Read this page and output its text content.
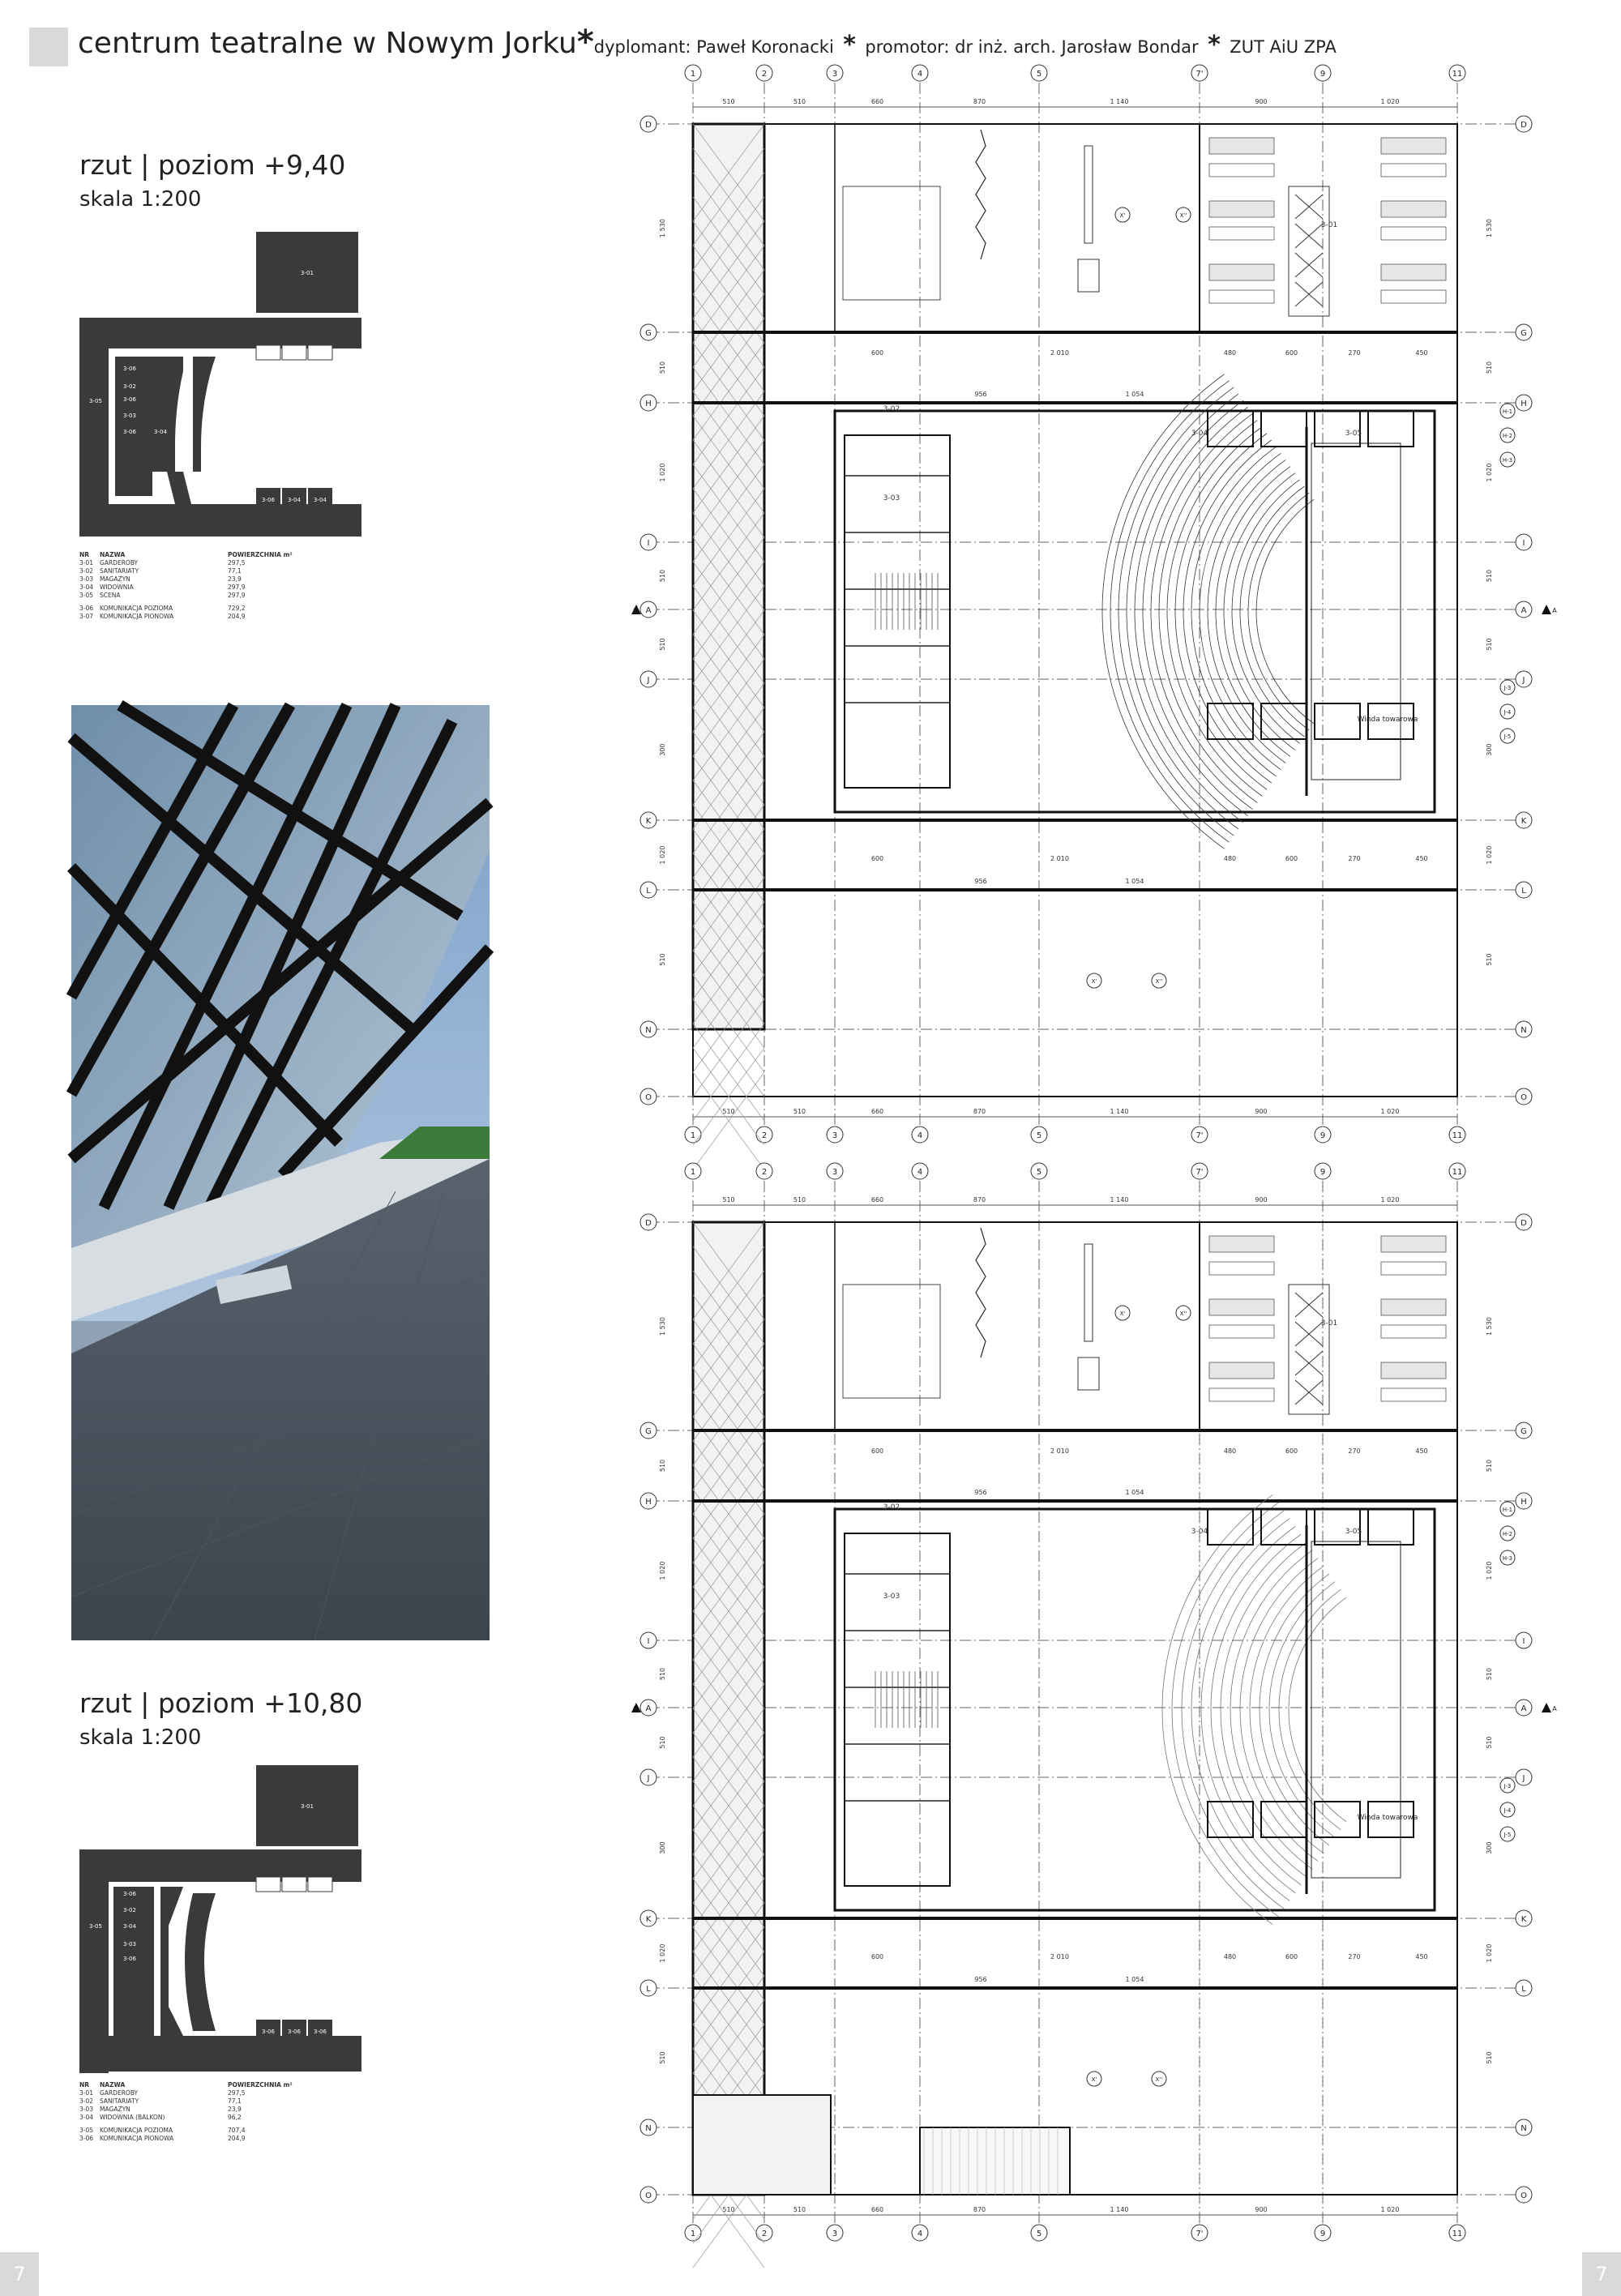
centrum teatralne w Nowym Jorku*dyplomant: Paweł Koronacki * promotor: dr inż. arch. Jarosław Bondar * ZUT AiU ZPA
rzut | poziom +9,40
skala 1:200
3-01
3-04 3-04 3-04
3-06
3-02
3-06
3-03
3-05
3-06
3-06 3-04 3-04
3-04
NR	NAZWA	POWIERZCHNIA m²
3-01	GARDEROBY	297,5
3-02	SANITARIATY	77,1
3-03	MAGAZYN	23,9
3-04	WIDOWNIA	297,9
3-05	SCENA	297,9

3-06	KOMUNIKACJA POZIOMA	729,2
3-07	KOMUNIKACJA PIONOWA	204,9
rzut | poziom +10,80
skala 1:200
3-01
3-06 3-06 3-06
3-06
3-02
3-05	3-04	4-04
3-03
3-06
3-06 3-06 3-06
NR	NAZWA	POWIERZCHNIA m²
3-01	GARDEROBY	297,5
3-02	SANITARIATY	77,1
3-03	MAGAZYN	23,9
3-04	WIDOWNIA (BALKON)	96,2

3-05	KOMUNIKACJA POZIOMA	707,4
3-06	KOMUNIKACJA PIONOWA	204,9
1
1
2
2
3
3
4
4
5
5
7'
7'
9
9
11
11
D	D
G	G
H	H
I	I
A	A
J	J
K	K
L	L
N	N
O	O
510
510
510
510
660
660
870
870
1 140
1 140
900
900
1 020
1 020
1 530	1 530
510	510
1 020	1 020
510	510
510	510
300	300
1 020	1 020
510	510
600	2 010	480	600	270	450
600	2 010	480	600	270	450
956	1 054
956	1 054
Winda towarowa
3-01
3-02
3-03
3-04	3-05
X'	X''
X'	X''
A	A
H-1
H-2
H-3
J-3
J-4
J-5
1
1
2
2
3
3
4
4
5
5
7'
7'
9
9
11
11
D	D
G	G
H	H
I	I
A	A
J	J
K	K
L	L
N	N
O	O
510
510
510
510
660
660
870
870
1 140
1 140
900
900
1 020
1 020
1 530	1 530
510	510
1 020	1 020
510	510
510	510
300	300
1 020	1 020
510	510
600	2 010	480	600	270	450
600	2 010	480	600	270	450
956	1 054
956	1 054
Winda towarowa
3-01
3-02
3-03
3-04	3-05
X'	X''
X'	X''
A	A
H-1
H-2
H-3
J-3
J-4
J-5
7	7
